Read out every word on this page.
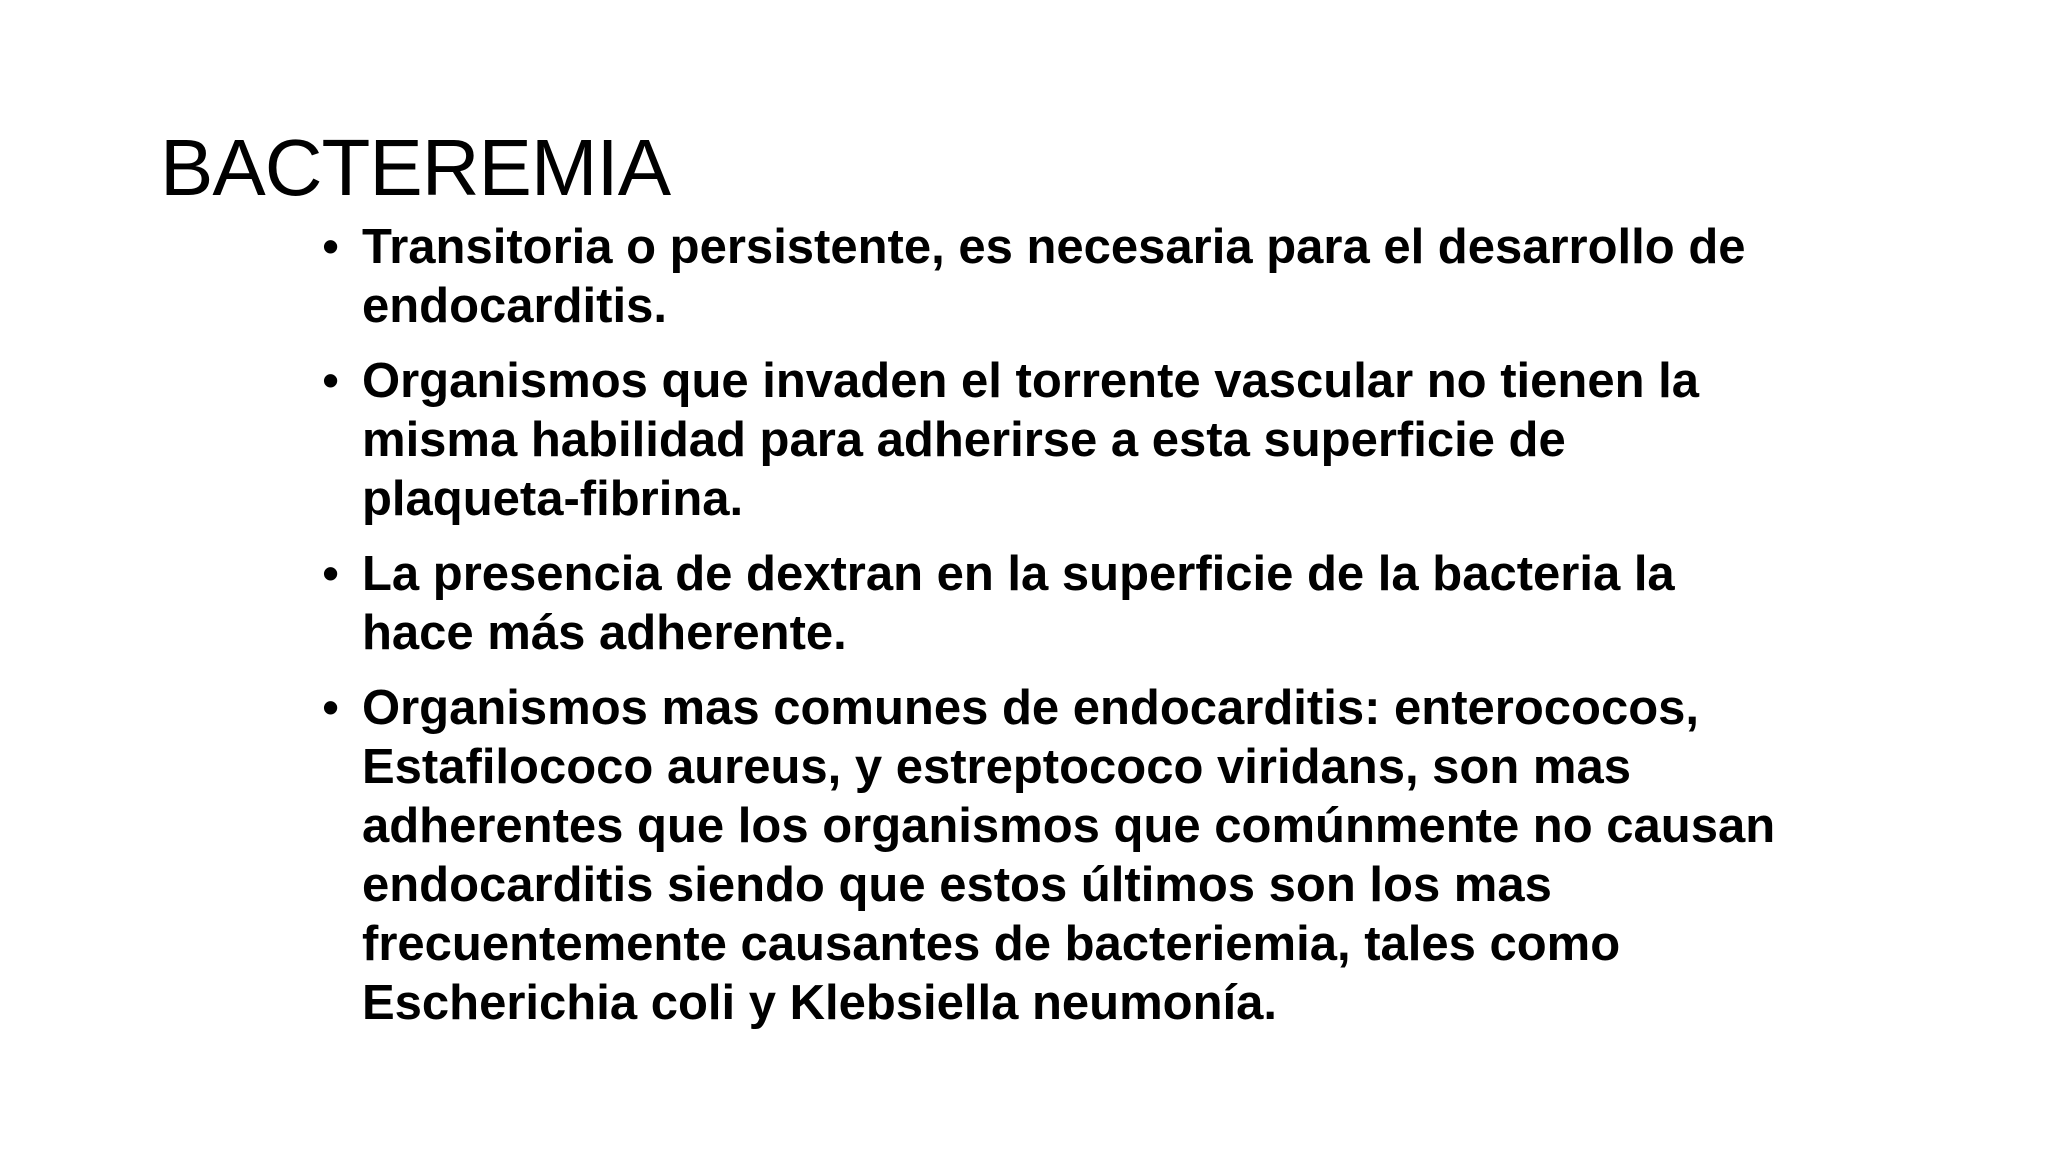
BACTEREMIA
• Transitoria o persistente, es necesaria para el desarrollo de endocarditis.
• Organismos que invaden el torrente vascular no tienen la misma habilidad para adherirse a esta superficie de plaqueta-fibrina.
• La presencia de dextran en la superficie de la bacteria la hace más adherente.
• Organismos mas comunes de endocarditis: enterococos, Estafilococo aureus, y estreptococo viridans, son mas adherentes que los organismos que comúnmente no causan endocarditis siendo que estos últimos son los mas frecuentemente causantes de bacteriemia, tales como Escherichia coli y Klebsiella neumonía.
